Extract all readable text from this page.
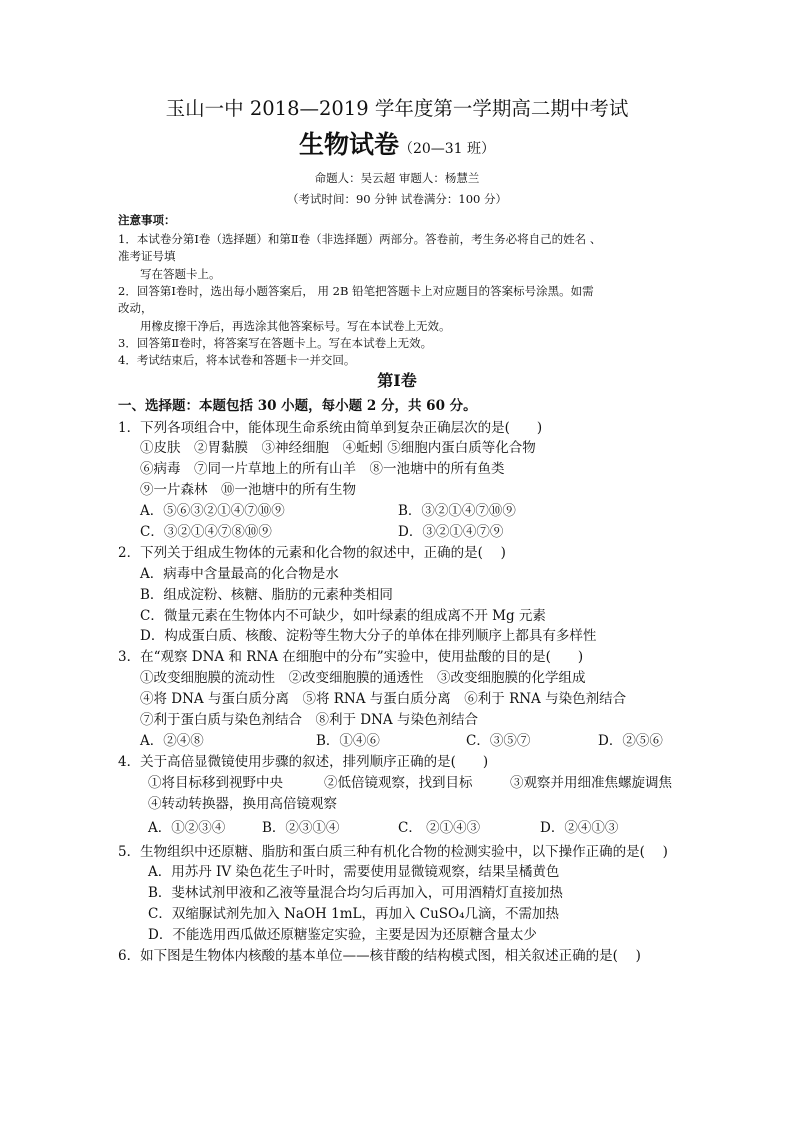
玉山一中 2018—2019 学年度第一学期高二期中考试
生物试卷（20—31 班）
命题人：吴云超 审题人：杨慧兰
（考试时间：90 分钟 试卷满分：100 分）
注意事项：
1．本试卷分第Ⅰ卷（选择题）和第Ⅱ卷（非选择题）两部分。答卷前，考生务必将自己的姓名 、
准考证号填
写在答题卡上。
2．回答第Ⅰ卷时，选出每小题答案后， 用 2B 铅笔把答题卡上对应题目的答案标号涂黑。如需
改动，
用橡皮擦干净后，再选涂其他答案标号。写在本试卷上无效。
3．回答第Ⅱ卷时，将答案写在答题卡上。写在本试卷上无效。
4．考试结束后，将本试卷和答题卡一并交回。
第Ⅰ卷
一、选择题：本题包括 30 小题，每小题 2 分，共 60 分。
1．下列各项组合中，能体现生命系统由简单到复杂正确层次的是(　　)
①皮肤　②胃黏膜　③神经细胞　④蚯蚓 ⑤细胞内蛋白质等化合物
⑥病毒　⑦同一片草地上的所有山羊　⑧一池塘中的所有鱼类
⑨一片森林　⑩一池塘中的所有生物
A．⑤⑥③②①④⑦⑩⑨	B．③②①④⑦⑩⑨
C．③②①④⑦⑧⑩⑨	D．③②①④⑦⑨
2．下列关于组成生物体的元素和化合物的叙述中，正确的是(　 )
A．病毒中含量最高的化合物是水
B．组成淀粉、核糖、脂肪的元素种类相同
C．微量元素在生物体内不可缺少，如叶绿素的组成离不开 Mg 元素
D．构成蛋白质、核酸、淀粉等生物大分子的单体在排列顺序上都具有多样性
3．在“观察 DNA 和 RNA 在细胞中的分布”实验中，使用盐酸的目的是(　　)
①改变细胞膜的流动性　②改变细胞膜的通透性　③改变细胞膜的化学组成
④将 DNA 与蛋白质分离　⑤将 RNA 与蛋白质分离　⑥利于 RNA 与染色剂结合
⑦利于蛋白质与染色剂结合　⑧利于 DNA 与染色剂结合
A．②④⑧	B．①④⑥	C．③⑤⑦	D．②⑤⑥
4．关于高倍显微镜使用步骤的叙述，排列顺序正确的是(　　)
①将目标移到视野中央	②低倍镜观察，找到目标	③观察并用细准焦螺旋调焦
④转动转换器，换用高倍镜观察
A．①②③④	B．②③①④	C． ②①④③	D．②④①③
5．生物组织中还原糖、脂肪和蛋白质三种有机化合物的检测实验中，以下操作正确的是(　 )
A．用苏丹 IV 染色花生子叶时，需要使用显微镜观察，结果呈橘黄色
B．斐林试剂甲液和乙液等量混合均匀后再加入，可用酒精灯直接加热
C．双缩脲试剂先加入 NaOH 1mL，再加入 CuSO₄几滴，不需加热
D．不能选用西瓜做还原糖鉴定实验，主要是因为还原糖含量太少
6．如下图是生物体内核酸的基本单位——核苷酸的结构模式图，相关叙述正确的是(　 )
